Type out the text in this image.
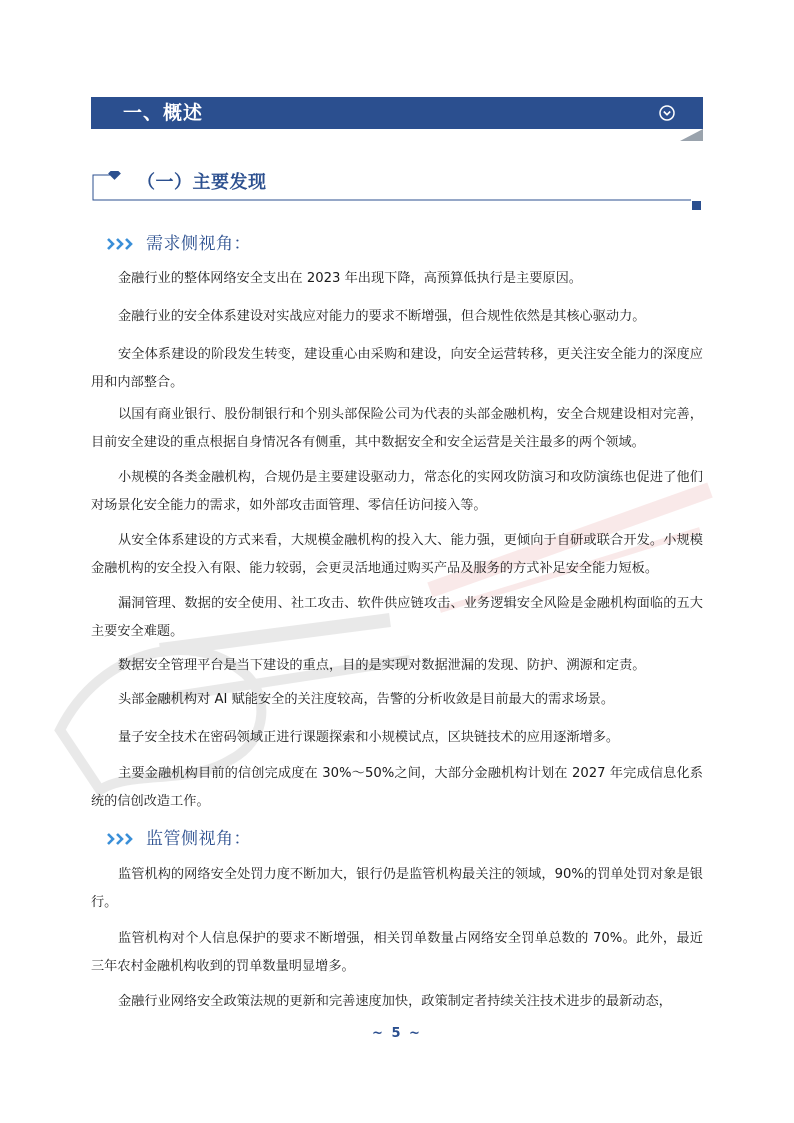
一、概述
（一）主要发现
需求侧视角：

金融行业的整体网络安全支出在 2023 年出现下降，高预算低执行是主要原因。

金融行业的安全体系建设对实战应对能力的要求不断增强，但合规性依然是其核心驱动力。

安全体系建设的阶段发生转变，建设重心由采购和建设，向安全运营转移，更关注安全能力的深度应用和内部整合。

以国有商业银行、股份制银行和个别头部保险公司为代表的头部金融机构，安全合规建设相对完善，目前安全建设的重点根据自身情况各有侧重，其中数据安全和安全运营是关注最多的两个领域。

小规模的各类金融机构，合规仍是主要建设驱动力，常态化的实网攻防演习和攻防演练也促进了他们对场景化安全能力的需求，如外部攻击面管理、零信任访问接入等。

从安全体系建设的方式来看，大规模金融机构的投入大、能力强，更倾向于自研或联合开发。小规模金融机构的安全投入有限、能力较弱，会更灵活地通过购买产品及服务的方式补足安全能力短板。

漏洞管理、数据的安全使用、社工攻击、软件供应链攻击、业务逻辑安全风险是金融机构面临的五大主要安全难题。

数据安全管理平台是当下建设的重点，目的是实现对数据泄漏的发现、防护、溯源和定责。

头部金融机构对 AI 赋能安全的关注度较高，告警的分析收敛是目前最大的需求场景。

量子安全技术在密码领域正进行课题探索和小规模试点，区块链技术的应用逐渐增多。

主要金融机构目前的信创完成度在 30%～50%之间，大部分金融机构计划在 2027 年完成信息化系统的信创改造工作。

监管侧视角：

监管机构的网络安全处罚力度不断加大，银行仍是监管机构最关注的领域，90%的罚单处罚对象是银行。

监管机构对个人信息保护的要求不断增强，相关罚单数量占网络安全罚单总数的 70%。此外，最近三年农村金融机构收到的罚单数量明显增多。

金融行业网络安全政策法规的更新和完善速度加快，政策制定者持续关注技术进步的最新动态，

~ 5 ~
